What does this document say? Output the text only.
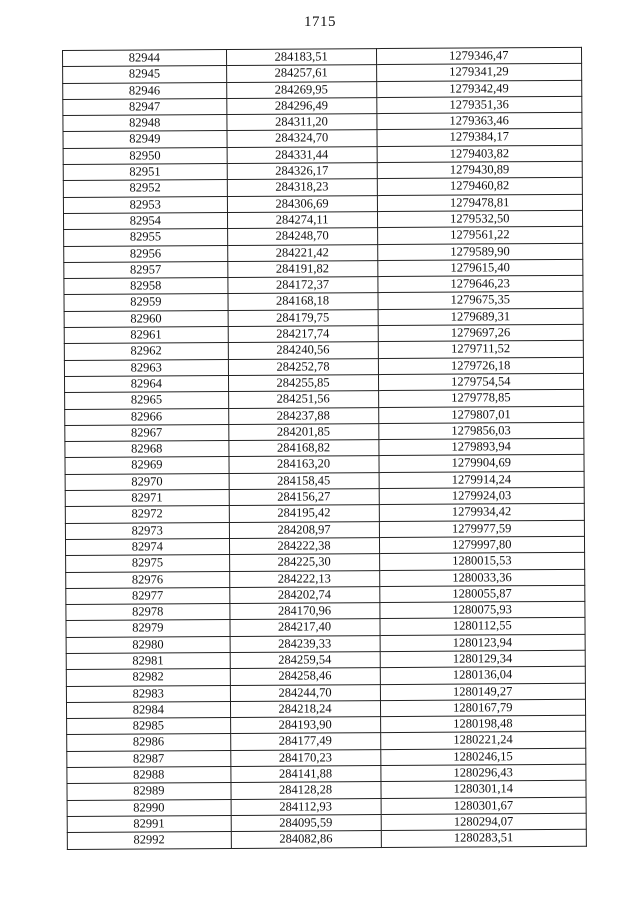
1715
82944	284183,51	1279346,47
82945	284257,61	1279341,29
82946	284269,95	1279342,49
82947	284296,49	1279351,36
82948	284311,20	1279363,46
82949	284324,70	1279384,17
82950	284331,44	1279403,82
82951	284326,17	1279430,89
82952	284318,23	1279460,82
82953	284306,69	1279478,81
82954	284274,11	1279532,50
82955	284248,70	1279561,22
82956	284221,42	1279589,90
82957	284191,82	1279615,40
82958	284172,37	1279646,23
82959	284168,18	1279675,35
82960	284179,75	1279689,31
82961	284217,74	1279697,26
82962	284240,56	1279711,52
82963	284252,78	1279726,18
82964	284255,85	1279754,54
82965	284251,56	1279778,85
82966	284237,88	1279807,01
82967	284201,85	1279856,03
82968	284168,82	1279893,94
82969	284163,20	1279904,69
82970	284158,45	1279914,24
82971	284156,27	1279924,03
82972	284195,42	1279934,42
82973	284208,97	1279977,59
82974	284222,38	1279997,80
82975	284225,30	1280015,53
82976	284222,13	1280033,36
82977	284202,74	1280055,87
82978	284170,96	1280075,93
82979	284217,40	1280112,55
82980	284239,33	1280123,94
82981	284259,54	1280129,34
82982	284258,46	1280136,04
82983	284244,70	1280149,27
82984	284218,24	1280167,79
82985	284193,90	1280198,48
82986	284177,49	1280221,24
82987	284170,23	1280246,15
82988	284141,88	1280296,43
82989	284128,28	1280301,14
82990	284112,93	1280301,67
82991	284095,59	1280294,07
82992	284082,86	1280283,51
